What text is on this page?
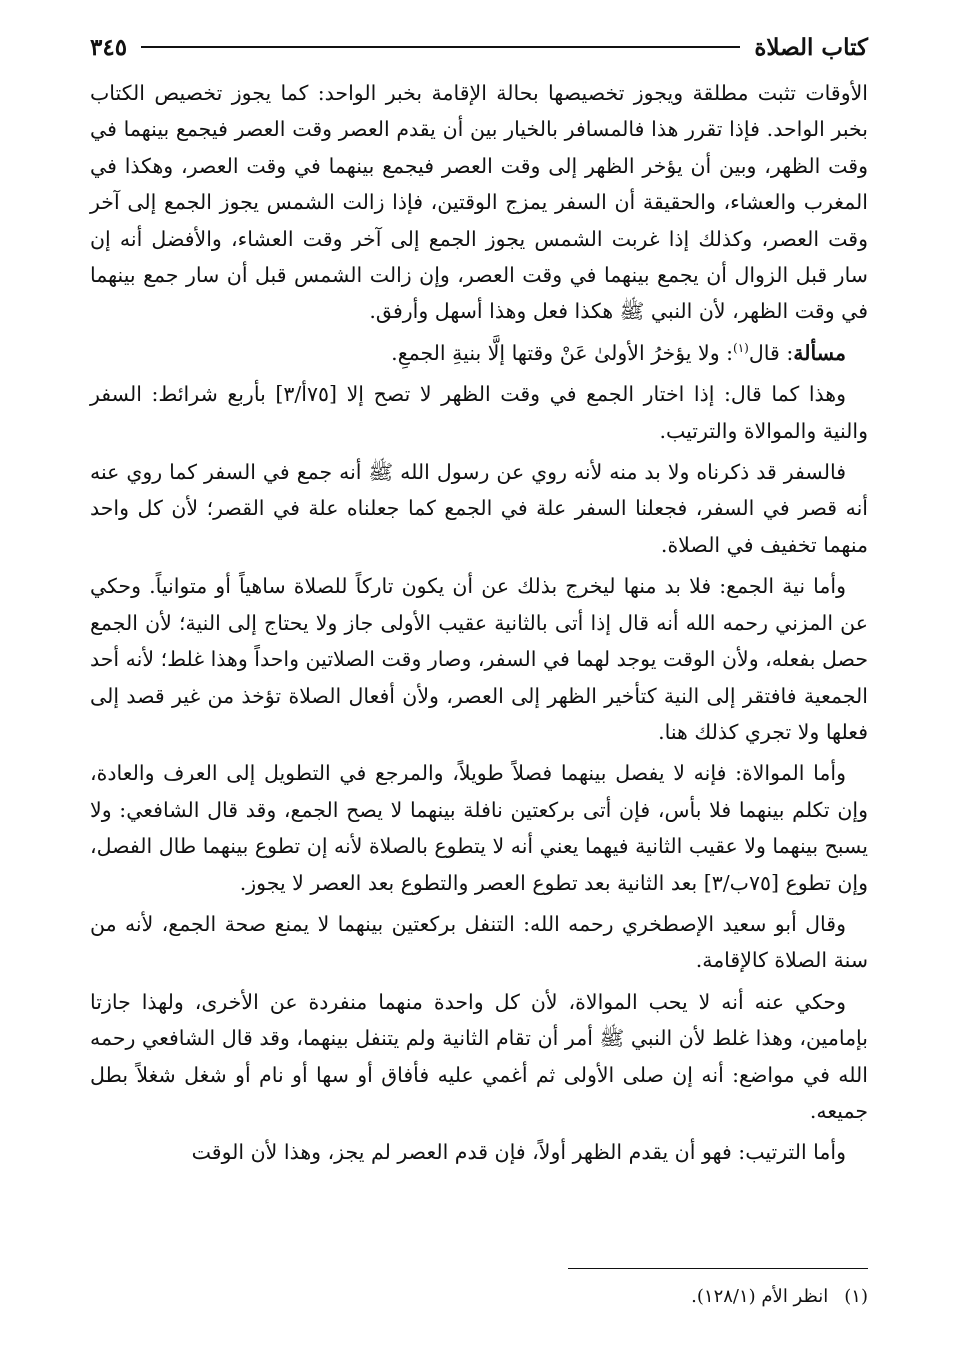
كتاب الصلاة
٣٤٥

الأوقات تثبت مطلقة ويجوز تخصيصها بحالة الإقامة بخبر الواحد: كما يجوز تخصيص الكتاب بخبر الواحد. فإذا تقرر هذا فالمسافر بالخيار بين أن يقدم العصر وقت العصر فيجمع بينهما في وقت الظهر، وبين أن يؤخر الظهر إلى وقت العصر فيجمع بينهما في وقت العصر، وهكذا في المغرب والعشاء، والحقيقة أن السفر يمزج الوقتين، فإذا زالت الشمس يجوز الجمع إلى آخر وقت العصر، وكذلك إذا غربت الشمس يجوز الجمع إلى آخر وقت العشاء، والأفضل أنه إن سار قبل الزوال أن يجمع بينهما في وقت العصر، وإن زالت الشمس قبل أن سار جمع بينهما في وقت الظهر، لأن النبي ﷺ هكذا فعل وهذا أسهل وأرفق.

مسألة: قال$^{(١)}$: ولا يؤخرُ الأولىٰ عَنْ وقتها إلَّا بنيةِ الجمعِ.

وهذا كما قال: إذا اختار الجمع في وقت الظهر لا تصح إلا [٧٥أ/٣] بأربع شرائط: السفر والنية والموالاة والترتيب.

فالسفر قد ذكرناه ولا بد منه لأنه روي عن رسول الله ﷺ أنه جمع في السفر كما روي عنه أنه قصر في السفر، فجعلنا السفر علة في الجمع كما جعلناه علة في القصر؛ لأن كل واحد منهما تخفيف في الصلاة.

وأما نية الجمع: فلا بد منها ليخرج بذلك عن أن يكون تاركاً للصلاة ساهياً أو متوانياً. وحكي عن المزني رحمه الله أنه قال إذا أتى بالثانية عقيب الأولى جاز ولا يحتاج إلى النية؛ لأن الجمع حصل بفعله، ولأن الوقت يوجد لهما في السفر، وصار وقت الصلاتين واحداً وهذا غلط؛ لأنه أحد الجمعية فافتقر إلى النية كتأخير الظهر إلى العصر، ولأن أفعال الصلاة تؤخذ من غير قصد إلى فعلها ولا تجري كذلك هنا.

وأما الموالاة: فإنه لا يفصل بينهما فصلاً طويلاً، والمرجع في التطويل إلى العرف والعادة، وإن تكلم بينهما فلا بأس، فإن أتى بركعتين نافلة بينهما لا يصح الجمع، وقد قال الشافعي: ولا يسبح بينهما ولا عقيب الثانية فيهما يعني أنه لا يتطوع بالصلاة لأنه إن تطوع بينهما طال الفصل، وإن تطوع [٧٥ب/٣] بعد الثانية بعد تطوع العصر والتطوع بعد العصر لا يجوز.

وقال أبو سعيد الإصطخري رحمه الله: التنفل بركعتين بينهما لا يمنع صحة الجمع، لأنه من سنة الصلاة كالإقامة.

وحكي عنه أنه لا يحب الموالاة، لأن كل واحدة منهما منفردة عن الأخرى، ولهذا جازتا بإمامين، وهذا غلط لأن النبي ﷺ أمر أن تقام الثانية ولم يتنفل بينهما، وقد قال الشافعي رحمه الله في مواضع: أنه إن صلى الأولى ثم أغمي عليه فأفاق أو سها أو نام أو شغل شغلاً بطل جميعه.

وأما الترتيب: فهو أن يقدم الظهر أولاً، فإن قدم العصر لم يجز، وهذا لأن الوقت

(١)انظر الأم (١٢٨/١).
